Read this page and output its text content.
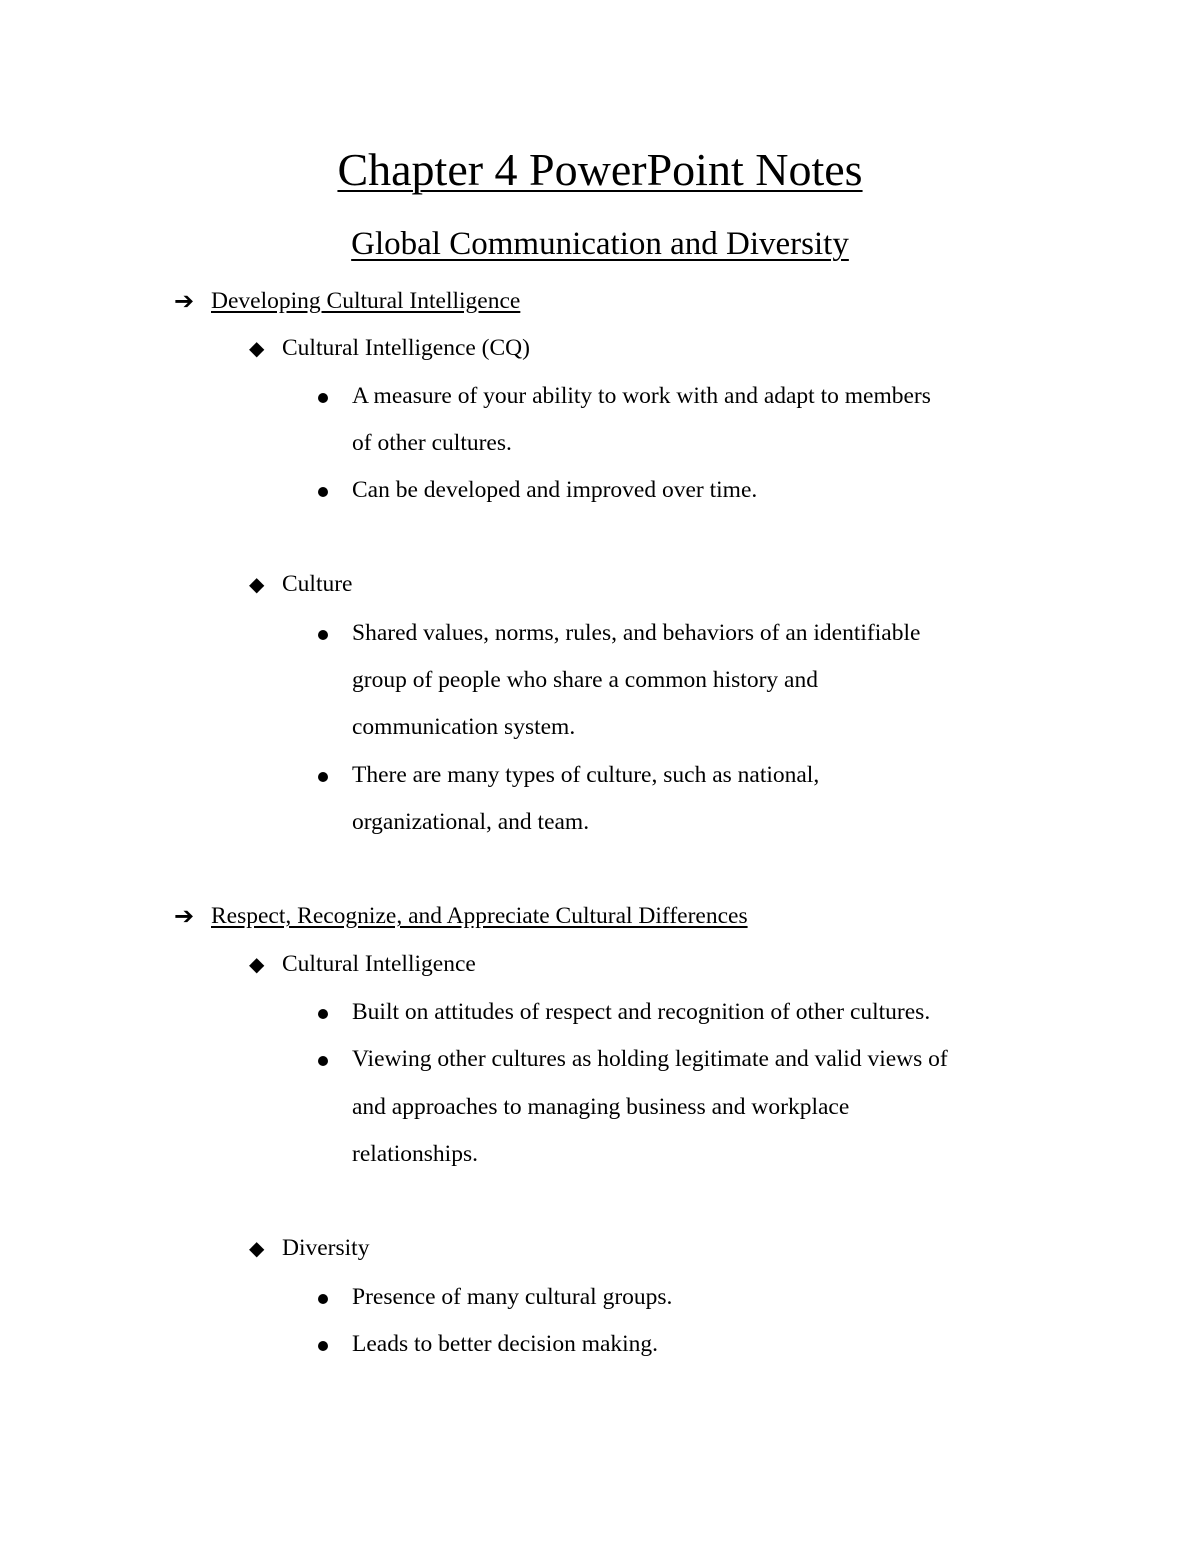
Chapter 4 PowerPoint Notes
Global Communication and Diversity
➔ Developing Cultural Intelligence
◆ Cultural Intelligence (CQ)
A measure of your ability to work with and adapt to members
of other cultures.
Can be developed and improved over time.
◆ Culture
Shared values, norms, rules, and behaviors of an identifiable
group of people who share a common history and
communication system.
There are many types of culture, such as national,
organizational, and team.
➔ Respect, Recognize, and Appreciate Cultural Differences
◆ Cultural Intelligence
Built on attitudes of respect and recognition of other cultures.
Viewing other cultures as holding legitimate and valid views of
and approaches to managing business and workplace
relationships.
◆ Diversity
Presence of many cultural groups.
Leads to better decision making.
